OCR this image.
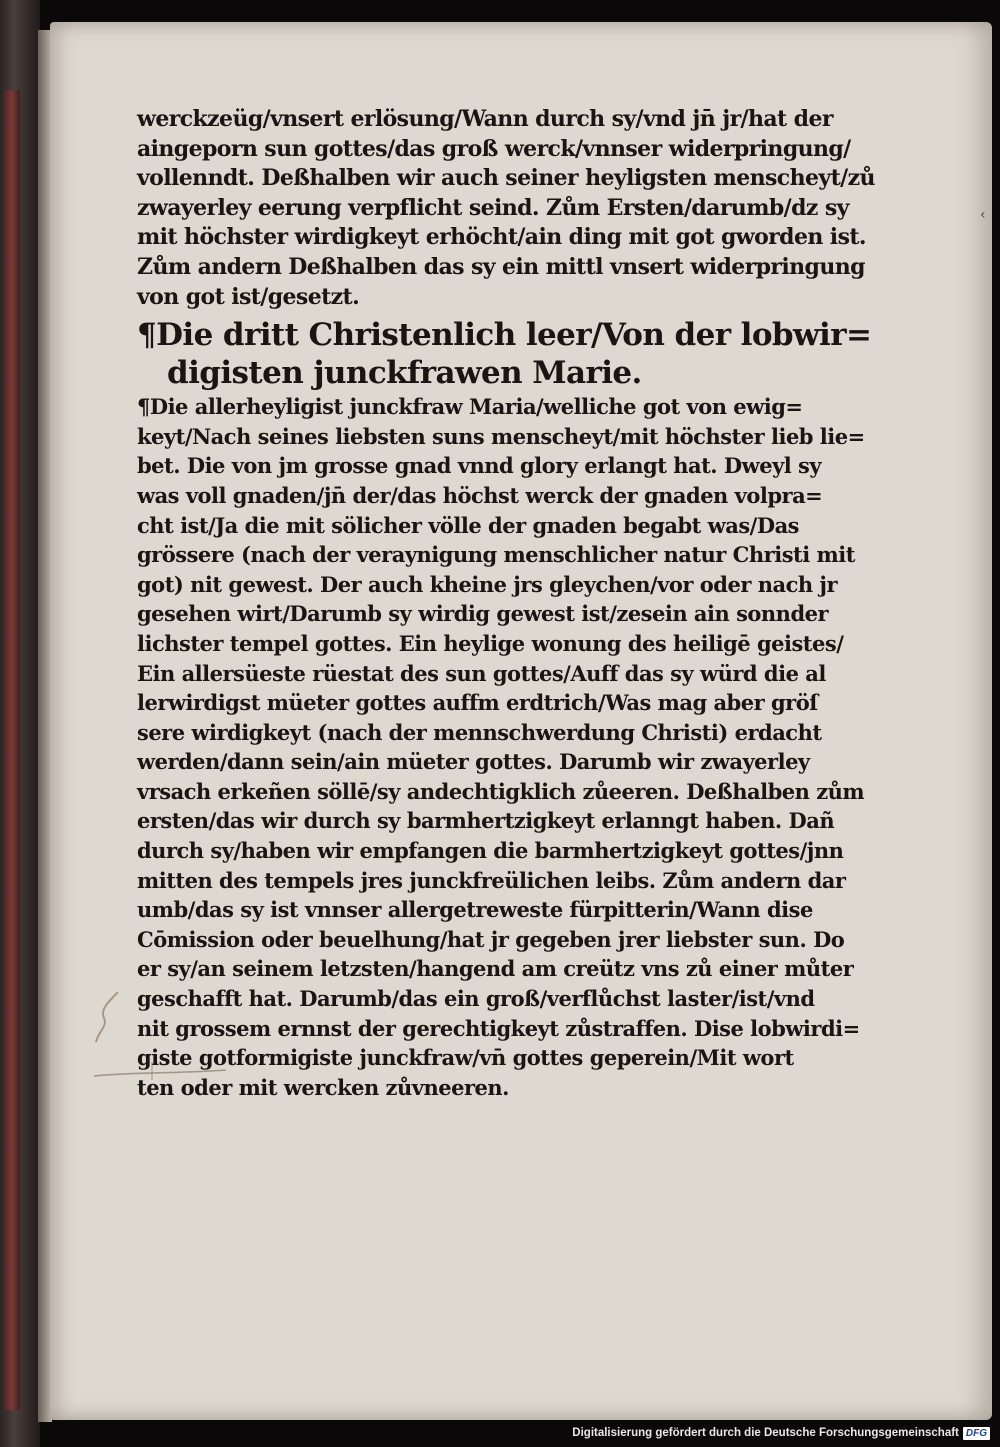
‹
werckzeüg/vnsert erlösung/Wann durch sy/vnd jn̄ jr/hat der
aingeporn sun gottes/das groß werck/vnnser widerpringung/
vollenndt. Deßhalben wir auch seiner heyligsten menscheyt/zů
zwayerley eerung verpflicht seind. Zům Ersten/darumb/dz sy
mit höchster wirdigkeyt erhöcht/ain ding mit got gworden ist.
Zům andern Deßhalben das sy ein mittl vnsert widerpringung
von got ist/gesetzt.
¶Die dritt Christenlich leer/Von der lobwir=
digisten junckfrawen Marie.
¶Die allerheyligist junckfraw Maria/welliche got von ewig=
keyt/Nach seines liebsten suns menscheyt/mit höchster lieb lie=
bet. Die von jm grosse gnad vnnd glory erlangt hat. Dweyl sy
was voll gnaden/jn̄ der/das höchst werck der gnaden volpra=
cht ist/Ja die mit sölicher völle der gnaden begabt was/Das
grössere (nach der veraynigung menschlicher natur Christi mit
got) nit gewest. Der auch kheine jrs gleychen/vor oder nach jr
gesehen wirt/Darumb sy wirdig gewest ist/zesein ain sonnder
lichster tempel gottes. Ein heylige wonung des heiligē geistes/
Ein allersüeste rüestat des sun gottes/Auff das sy würd die al
lerwirdigst müeter gottes auffm erdtrich/Was mag aber gröſ
sere wirdigkeyt (nach der mennschwerdung Christi) erdacht
werden/dann sein/ain müeter gottes. Darumb wir zwayerley
vrsach erkeñen söllē/sy andechtigklich zůeeren. Deßhalben zům
ersten/das wir durch sy barmhertzigkeyt erlanngt haben. Dañ
durch sy/haben wir empfangen die barmhertzigkeyt gottes/jnn
mitten des tempels jres junckfreülichen leibs. Zům andern dar
umb/das sy ist vnnser allergetreweste fürpitterin/Wann dise
Cōmission oder beuelhung/hat jr gegeben jrer liebster sun. Do
er sy/an seinem letzsten/hangend am creütz vns zů einer můter
geschafft hat. Darumb/das ein groß/verflůchst laster/ist/vnd
nit grossem ernnst der gerechtigkeyt zůstraffen. Dise lobwirdi=
giste gotformigiste junckfraw/vn̄ gottes geperein/Mit wort
ten oder mit wercken zůvneeren.
Digitalisierung gefördert durch die Deutsche Forschungsgemeinschaft DFG
